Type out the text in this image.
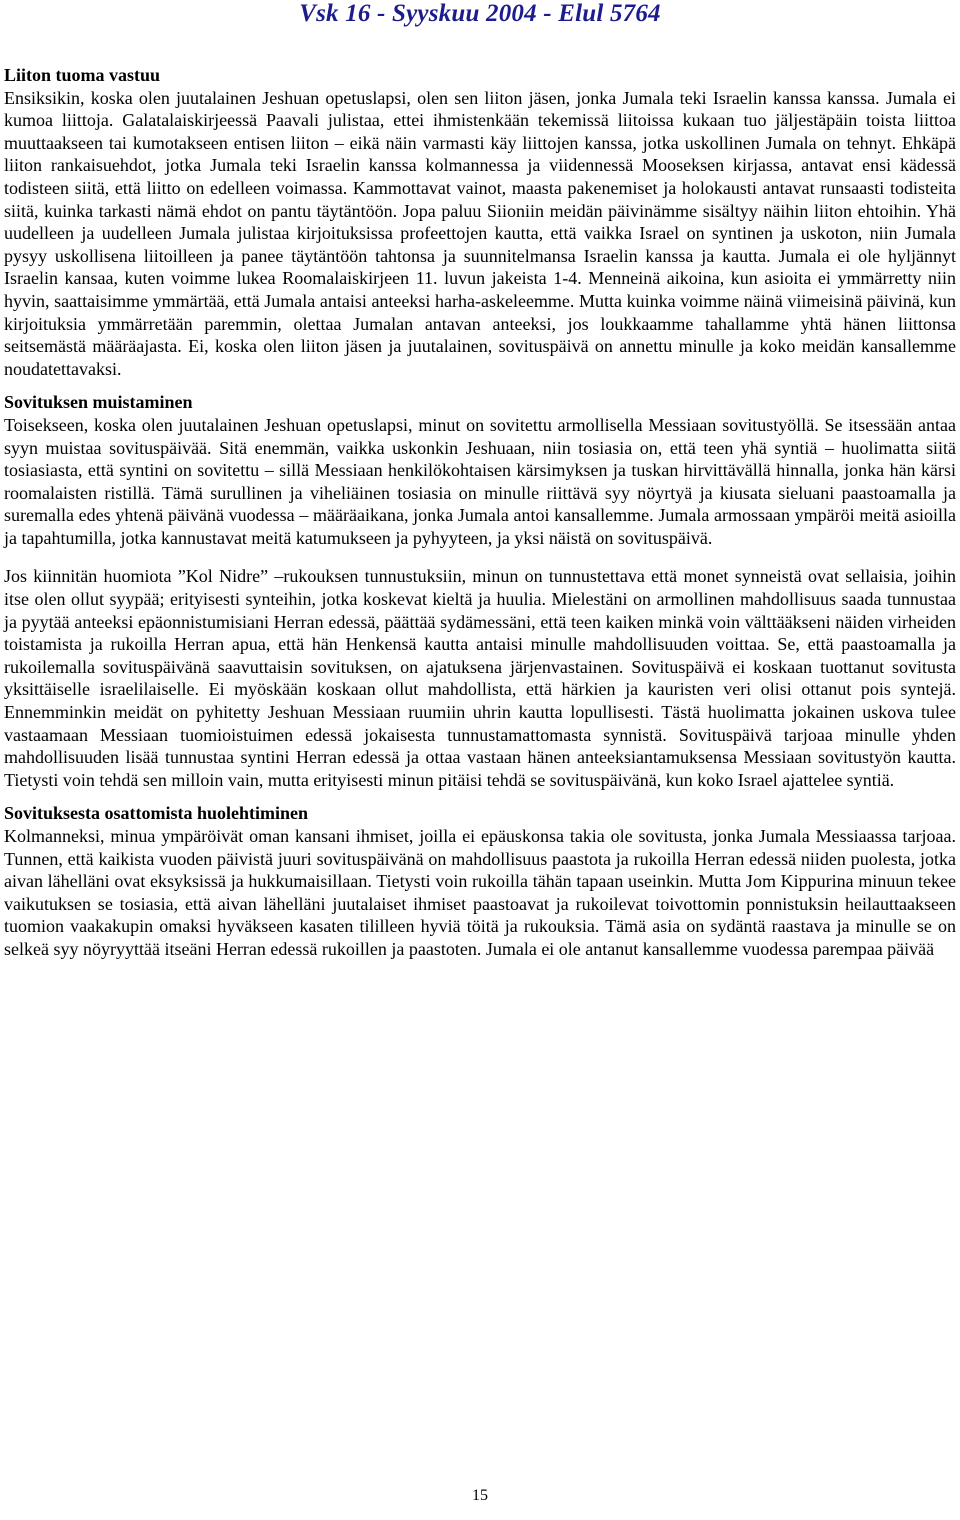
Vsk 16 - Syyskuu 2004 - Elul 5764
Liiton tuoma vastuu

Ensiksikin, koska olen juutalainen Jeshuan opetuslapsi, olen sen liiton jäsen, jonka Jumala teki Israelin kanssa kanssa. Jumala ei kumoa liittoja. Galatalaiskirjeessä Paavali julistaa, ettei ihmistenkään tekemissä liitoissa kukaan tuo jäljestäpäin toista liittoa muuttaakseen tai kumotakseen entisen liiton – eikä näin varmasti käy liittojen kanssa, jotka uskollinen Jumala on tehnyt. Ehkäpä liiton rankaisuehdot, jotka Jumala teki Israelin kanssa kolmannessa ja viidennessä Mooseksen kirjassa, antavat ensi kädessä todisteen siitä, että liitto on edelleen voimassa. Kammottavat vainot, maasta pakenemiset ja holokausti antavat runsaasti todisteita siitä, kuinka tarkasti nämä ehdot on pantu täytäntöön. Jopa paluu Siioniin meidän päivinämme sisältyy näihin liiton ehtoihin. Yhä uudelleen ja uudelleen Jumala julistaa kirjoituksissa profeettojen kautta, että vaikka Israel on syntinen ja uskoton, niin Jumala pysyy uskollisena liitoilleen ja panee täytäntöön tahtonsa ja suunnitelmansa Israelin kanssa ja kautta. Jumala ei ole hyljännyt Israelin kansaa, kuten voimme lukea Roomalaiskirjeen 11. luvun jakeista 1-4. Menneinä aikoina, kun asioita ei ymmärretty niin hyvin, saattaisimme ymmärtää, että Jumala antaisi anteeksi harha-askeleemme. Mutta kuinka voimme näinä viimeisinä päivinä, kun kirjoituksia ymmärretään paremmin, olettaa Jumalan antavan anteeksi, jos loukkaamme tahallamme yhtä hänen liittonsa seitsemästä määräajasta. Ei, koska olen liiton jäsen ja juutalainen, sovituspäivä on annettu minulle ja koko meidän kansallemme noudatettavaksi.

Sovituksen muistaminen

Toisekseen, koska olen juutalainen Jeshuan opetuslapsi, minut on sovitettu armollisella Messiaan sovitustyöllä. Se itsessään antaa syyn muistaa sovituspäivää. Sitä enemmän, vaikka uskonkin Jeshuaan, niin tosiasia on, että teen yhä syntiä – huolimatta siitä tosiasiasta, että syntini on sovitettu – sillä Messiaan henkilökohtaisen kärsimyksen ja tuskan hirvittävällä hinnalla, jonka hän kärsi roomalaisten ristillä. Tämä surullinen ja viheliäinen tosiasia on minulle riittävä syy nöyrtyä ja kiusata sieluani paastoamalla ja suremalla edes yhtenä päivänä vuodessa – määräaikana, jonka Jumala antoi kansallemme. Jumala armossaan ympäröi meitä asioilla ja tapahtumilla, jotka kannustavat meitä katumukseen ja pyhyyteen, ja yksi näistä on sovituspäivä.

Jos kiinnitän huomiota ”Kol Nidre” –rukouksen tunnustuksiin, minun on tunnustettava että monet synneistä ovat sellaisia, joihin itse olen ollut syypää; erityisesti synteihin, jotka koskevat kieltä ja huulia. Mielestäni on armollinen mahdollisuus saada tunnustaa ja pyytää anteeksi epäonnistumisiani Herran edessä, päättää sydämessäni, että teen kaiken minkä voin välttääkseni näiden virheiden toistamista ja rukoilla Herran apua, että hän Henkensä kautta antaisi minulle mahdollisuuden voittaa. Se, että paastoamalla ja rukoilemalla sovituspäivänä saavuttaisin sovituksen, on ajatuksena järjenvastainen. Sovituspäivä ei koskaan tuottanut sovitusta yksittäiselle israelilaiselle. Ei myöskään koskaan ollut mahdollista, että härkien ja kauristen veri olisi ottanut pois syntejä. Ennemminkin meidät on pyhitetty Jeshuan Messiaan ruumiin uhrin kautta lopullisesti. Tästä huolimatta jokainen uskova tulee vastaamaan Messiaan tuomioistuimen edessä jokaisesta tunnustamattomasta synnistä. Sovituspäivä tarjoaa minulle yhden mahdollisuuden lisää tunnustaa syntini Herran edessä ja ottaa vastaan hänen anteeksiantamuksensa Messiaan sovitustyön kautta. Tietysti voin tehdä sen milloin vain, mutta erityisesti minun pitäisi tehdä se sovituspäivänä, kun koko Israel ajattelee syntiä.

Sovituksesta osattomista huolehtiminen

Kolmanneksi, minua ympäröivät oman kansani ihmiset, joilla ei epäuskonsa takia ole sovitusta, jonka Jumala Messiaassa tarjoaa. Tunnen, että kaikista vuoden päivistä juuri sovituspäivänä on mahdollisuus paastota ja rukoilla Herran edessä niiden puolesta, jotka aivan lähelläni ovat eksyksissä ja hukkumaisillaan. Tietysti voin rukoilla tähän tapaan useinkin. Mutta Jom Kippurina minuun tekee vaikutuksen se tosiasia, että aivan lähelläni juutalaiset ihmiset paastoavat ja rukoilevat toivottomin ponnistuksin heilauttaakseen tuomion vaakakupin omaksi hyväkseen kasaten tililleen hyviä töitä ja rukouksia. Tämä asia on sydäntä raastava ja minulle se on selkeä syy nöyryyttää itseäni Herran edessä rukoillen ja paastoten. Jumala ei ole antanut kansallemme vuodessa parempaa päivää

15
